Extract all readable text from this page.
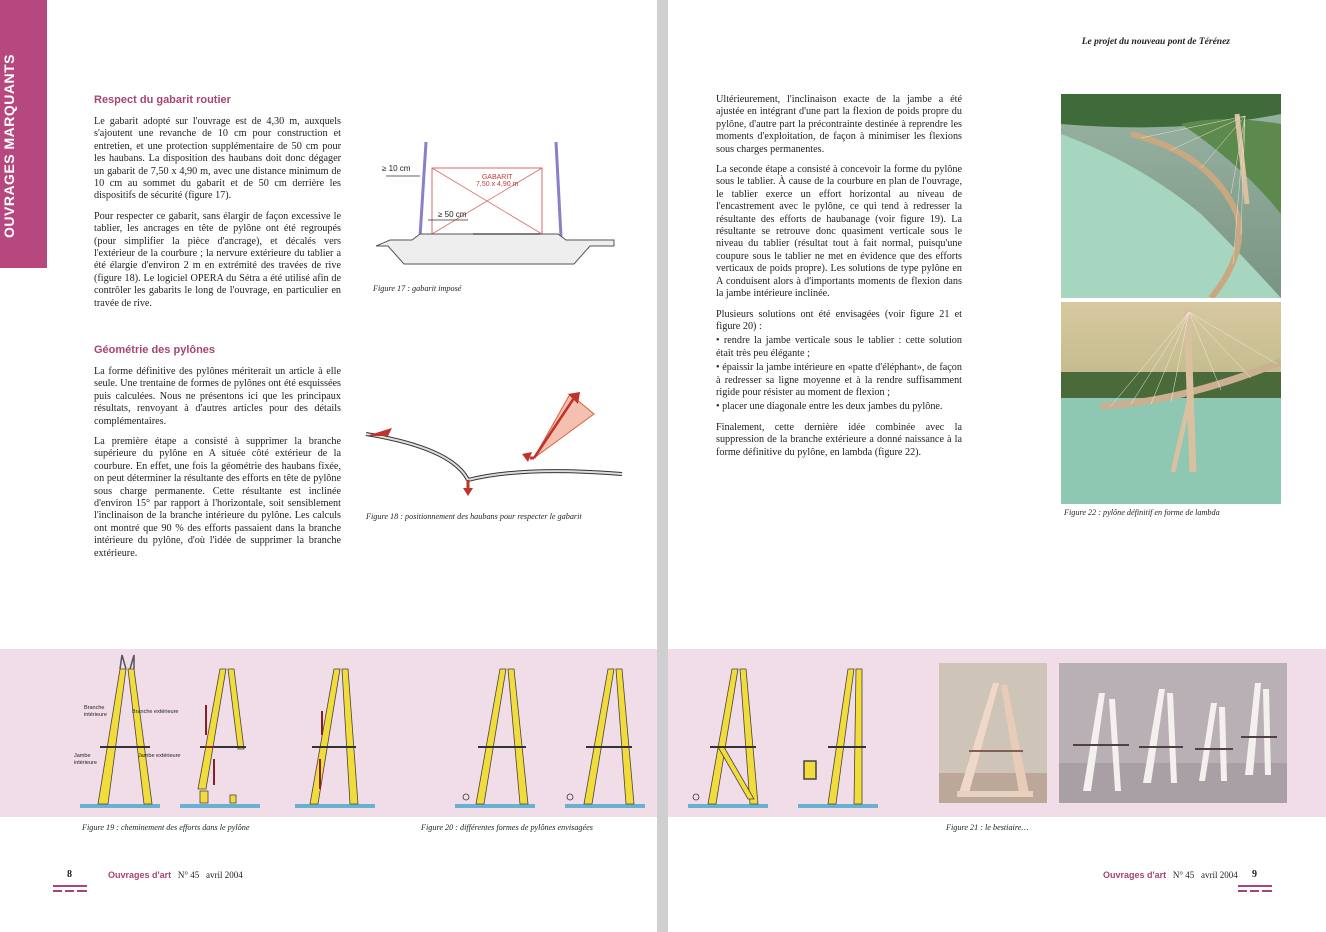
OUVRAGES MARQUANTS	Respect du gabarit routier

Le gabarit adopté sur l'ouvrage est de 4,30 m, auxquels s'ajoutent une revanche de 10 cm pour construction et entretien, et une protection supplémentaire de 50 cm pour les haubans. La disposition des haubans doit donc dégager un gabarit de 7,50 x 4,90 m, avec une distance minimum de 10 cm au sommet du gabarit et de 50 cm derrière les dispositifs de sécurité (figure 17).

Pour respecter ce gabarit, sans élargir de façon excessive le tablier, les ancrages en tête de pylône ont été regroupés (pour simplifier la pièce d'ancrage), et décalés vers l'extérieur de la courbure ; la nervure extérieure du tablier a été élargie d'environ 2 m en extrémité des travées de rive (figure 18). Le logiciel OPERA du Sétra a été utilisé afin de contrôler les gabarits le long de l'ouvrage, en particulier en travée de rive.

Géométrie des pylônes

La forme définitive des pylônes mériterait un article à elle seule. Une trentaine de formes de pylônes ont été esquissées puis calculées. Nous ne présentons ici que les principaux résultats, renvoyant à d'autres articles pour des détails complémentaires.

La première étape a consisté à supprimer la branche supérieure du pylône en A située côté extérieur de la courbure. En effet, une fois la géométrie des haubans fixée, on peut déterminer la résultante des efforts en tête de pylône sous charge permanente. Cette résultante est inclinée d'environ 15° par rapport à l'horizontale, soit sensiblement l'inclinaison de la branche intérieure du pylône. Les calculs ont montré que 90 % des efforts passaient dans la branche intérieure du pylône, d'où l'idée de supprimer la branche extérieure.

≥ 10 cm
GABARIT
7,50 x 4,90 m
≥ 50 cm
Figure 17 : gabarit imposé
Figure 18 : positionnement des haubans pour respecter le gabarit
Branche intérieure	Branche extérieure
Jambe intérieure
Jambe extérieure
Figure 19 : cheminement des efforts dans le pylône	Figure 20 : différentes formes de pylônes envisagées
8	Ouvrages d'art N° 45 avril 2004
Le projet du nouveau pont de Térénez

Ultérieurement, l'inclinaison exacte de la jambe a été ajustée en intégrant d'une part la flexion de poids propre du pylône, d'autre part la précontrainte destinée à reprendre les moments d'exploitation, de façon à minimiser les flexions sous charges permanentes.

La seconde étape a consisté à concevoir la forme du pylône sous le tablier. À cause de la courbure en plan de l'ouvrage, le tablier exerce un effort horizontal au niveau de l'encastrement avec le pylône, ce qui tend à redresser la résultante des efforts de haubanage (voir figure 19). La résultante se retrouve donc quasiment verticale sous le niveau du tablier (résultat tout à fait normal, puisqu'une coupure sous le tablier ne met en évidence que des efforts verticaux de poids propre). Les solutions de type pylône en A conduisent alors à d'importants moments de flexion dans la jambe intérieure inclinée.

Plusieurs solutions ont été envisagées (voir figure 21 et figure 20) :

• rendre la jambe verticale sous le tablier : cette solution était très peu élégante ;

• épaissir la jambe intérieure en «patte d'éléphant», de façon à redresser sa ligne moyenne et à la rendre suffisamment rigide pour résister au moment de flexion ;

• placer une diagonale entre les deux jambes du pylône.

Finalement, cette dernière idée combinée avec la suppression de la branche extérieure a donné naissance à la forme définitive du pylône, en lambda (figure 22).

Figure 22 : pylône définitif en forme de lambda
Figure 21 : le bestiaire…
Ouvrages d'art N° 45 avril 2004 9
